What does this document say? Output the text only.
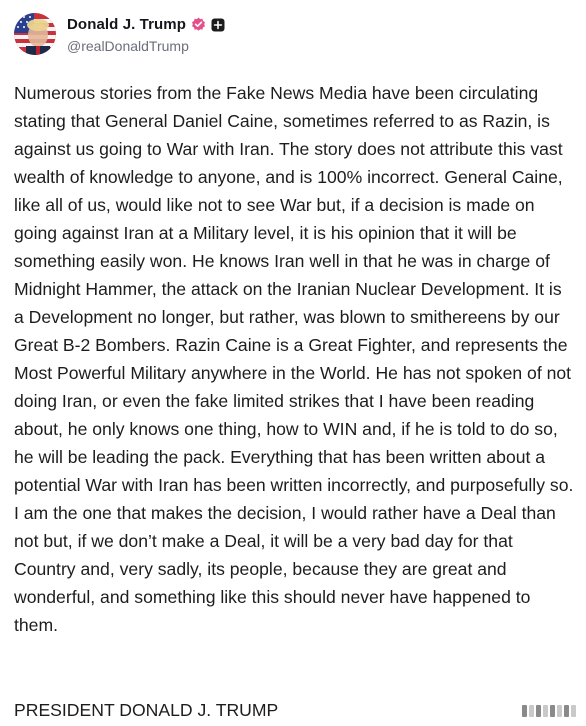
Donald J. Trump
@realDonaldTrump

Numerous stories from the Fake News Media have been circulating stating that General Daniel Caine, sometimes referred to as Razin, is against us going to War with Iran. The story does not attribute this vast wealth of knowledge to anyone, and is 100% incorrect. General Caine, like all of us, would like not to see War but, if a decision is made on going against Iran at a Military level, it is his opinion that it will be something easily won. He knows Iran well in that he was in charge of Midnight Hammer, the attack on the Iranian Nuclear Development. It is a Development no longer, but rather, was blown to smithereens by our Great B-2 Bombers. Razin Caine is a Great Fighter, and represents the Most Powerful Military anywhere in the World. He has not spoken of not doing Iran, or even the fake limited strikes that I have been reading about, he only knows one thing, how to WIN and, if he is told to do so, he will be leading the pack. Everything that has been written about a potential War with Iran has been written incorrectly, and purposefully so. I am the one that makes the decision, I would rather have a Deal than not but, if we don’t make a Deal, it will be a very bad day for that Country and, very sadly, its people, because they are great and wonderful, and something like this should never have happened to them.

PRESIDENT DONALD J. TRUMP
